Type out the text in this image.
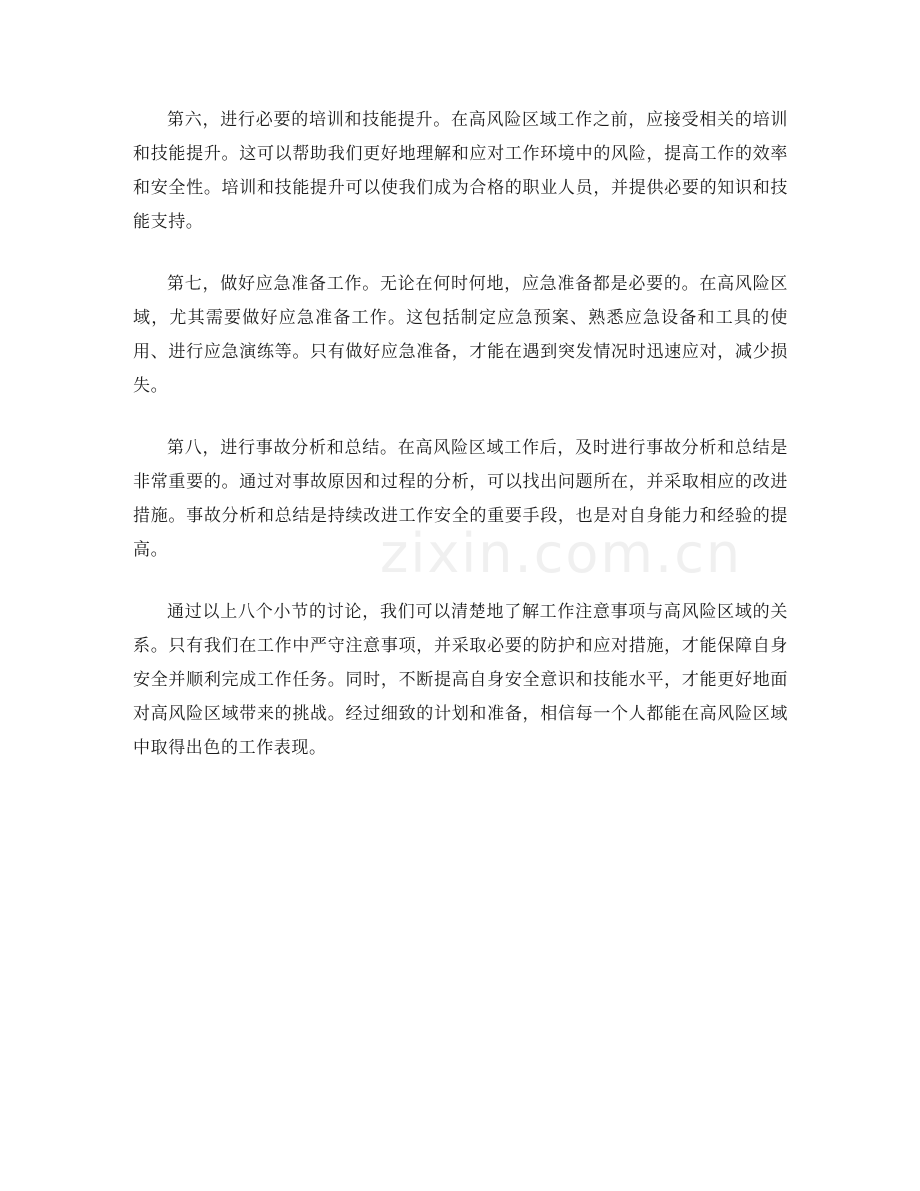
第六，进行必要的培训和技能提升。在高风险区域工作之前，应接受相关的培训和技能提升。这可以帮助我们更好地理解和应对工作环境中的风险，提高工作的效率和安全性。培训和技能提升可以使我们成为合格的职业人员，并提供必要的知识和技能支持。

第七，做好应急准备工作。无论在何时何地，应急准备都是必要的。在高风险区域，尤其需要做好应急准备工作。这包括制定应急预案、熟悉应急设备和工具的使用、进行应急演练等。只有做好应急准备，才能在遇到突发情况时迅速应对，减少损失。

第八，进行事故分析和总结。在高风险区域工作后，及时进行事故分析和总结是非常重要的。通过对事故原因和过程的分析，可以找出问题所在，并采取相应的改进措施。事故分析和总结是持续改进工作安全的重要手段，也是对自身能力和经验的提高。

通过以上八个小节的讨论，我们可以清楚地了解工作注意事项与高风险区域的关系。只有我们在工作中严守注意事项，并采取必要的防护和应对措施，才能保障自身安全并顺利完成工作任务。同时，不断提高自身安全意识和技能水平，才能更好地面对高风险区域带来的挑战。经过细致的计划和准备，相信每一个人都能在高风险区域中取得出色的工作表现。

zixin.com.cn
